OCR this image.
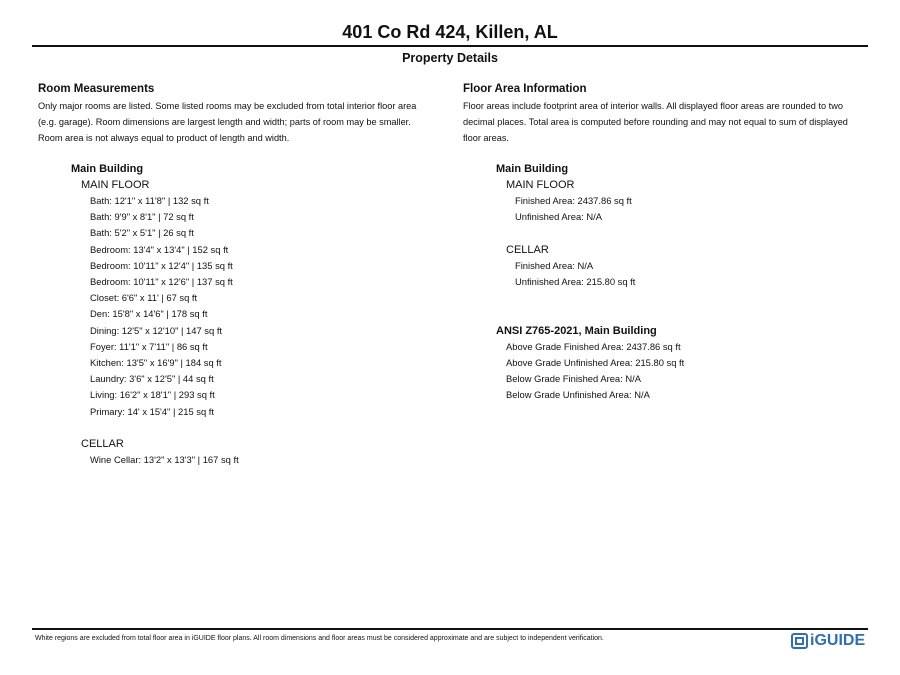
401 Co Rd 424, Killen, AL
Property Details
Room Measurements

Only major rooms are listed. Some listed rooms may be excluded from total interior floor area

(e.g. garage). Room dimensions are largest length and width; parts of room may be smaller.

Room area is not always equal to product of length and width.

Main Building
MAIN FLOOR
Bath: 12'1" x 11'8" | 132 sq ft
Bath: 9'9" x 8'1" | 72 sq ft
Bath: 5'2" x 5'1" | 26 sq ft
Bedroom: 13'4" x 13'4" | 152 sq ft
Bedroom: 10'11" x 12'4" | 135 sq ft
Bedroom: 10'11" x 12'6" | 137 sq ft
Closet: 6'6" x 11' | 67 sq ft
Den: 15'8" x 14'6" | 178 sq ft
Dining: 12'5" x 12'10" | 147 sq ft
Foyer: 11'1" x 7'11" | 86 sq ft
Kitchen: 13'5" x 16'9" | 184 sq ft
Laundry: 3'6" x 12'5" | 44 sq ft
Living: 16'2" x 18'1" | 293 sq ft
Primary: 14' x 15'4" | 215 sq ft
CELLAR
Wine Cellar: 13'2" x 13'3" | 167 sq ft
Floor Area Information

Floor areas include footprint area of interior walls. All displayed floor areas are rounded to two

decimal places. Total area is computed before rounding and may not equal to sum of displayed

floor areas.

Main Building
MAIN FLOOR
Finished Area: 2437.86 sq ft
Unfinished Area: N/A
CELLAR
Finished Area: N/A
Unfinished Area: 215.80 sq ft
ANSI Z765-2021, Main Building
Above Grade Finished Area: 2437.86 sq ft
Above Grade Unfinished Area: 215.80 sq ft
Below Grade Finished Area: N/A
Below Grade Unfinished Area: N/A
White regions are excluded from total floor area in iGUIDE floor plans. All room dimensions and floor areas must be considered approximate and are subject to independent verification.	iGUIDE
